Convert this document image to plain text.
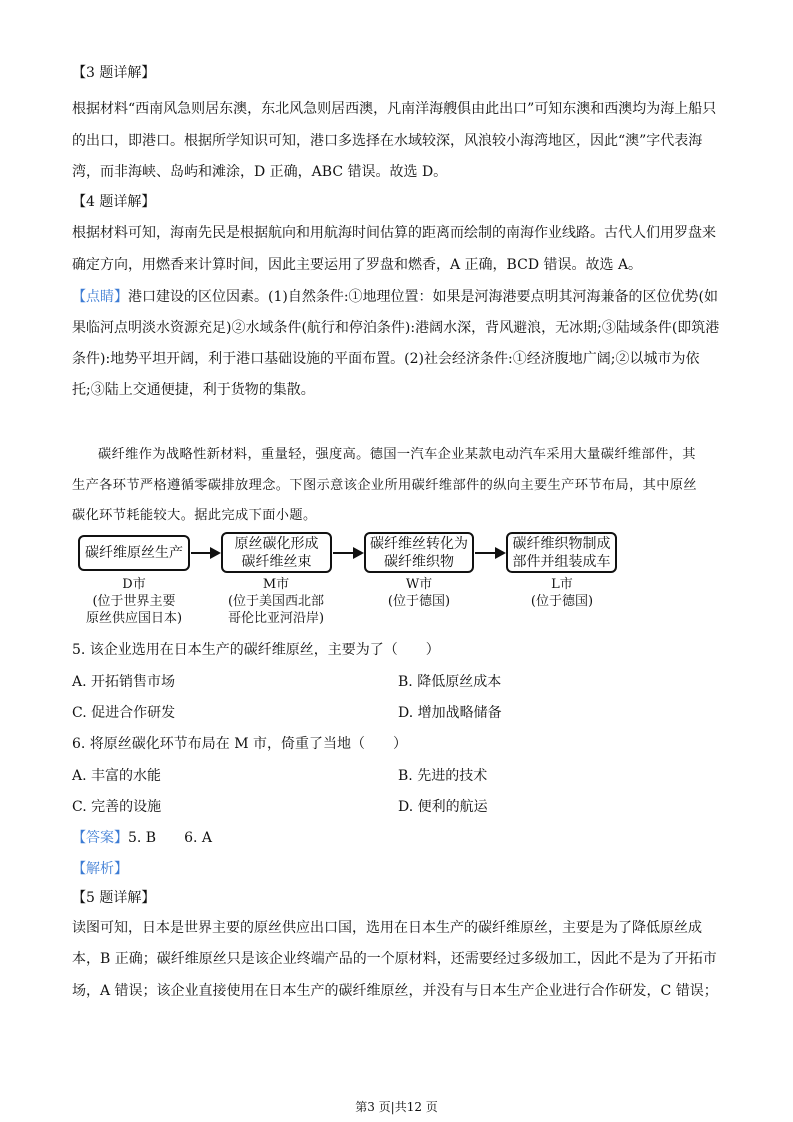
【3 题详解】
根据材料“西南风急则居东澳，东北风急则居西澳，凡南洋海艘俱由此出口”可知东澳和西澳均为海上船只
的出口，即港口。根据所学知识可知，港口多选择在水域较深，风浪较小海湾地区，因此“澳”字代表海
湾，而非海峡、岛屿和滩涂，D 正确，ABC 错误。故选 D。
【4 题详解】
根据材料可知，海南先民是根据航向和用航海时间估算的距离而绘制的南海作业线路。古代人们用罗盘来
确定方向，用燃香来计算时间，因此主要运用了罗盘和燃香，A 正确，BCD 错误。故选 A。
【点睛】港口建设的区位因素。(1)自然条件:①地理位置：如果是河海港要点明其河海兼备的区位优势(如
果临河点明淡水资源充足)②水域条件(航行和停泊条件):港阔水深，背风避浪，无冰期;③陆域条件(即筑港
条件):地势平坦开阔，利于港口基础设施的平面布置。(2)社会经济条件:①经济腹地广阔;②以城市为依
托;③陆上交通便捷，利于货物的集散。
碳纤维作为战略性新材料，重量轻，强度高。德国一汽车企业某款电动汽车采用大量碳纤维部件，其
生产各环节严格遵循零碳排放理念。下图示意该企业所用碳纤维部件的纵向主要生产环节布局，其中原丝
碳化环节耗能较大。据此完成下面小题。
碳纤维原丝生产
原丝碳化形成
碳纤维丝束
碳纤维丝转化为
碳纤维织物
碳纤维织物制成
部件并组装成车
D市
(位于世界主要
原丝供应国日本)
M市
(位于美国西北部
哥伦比亚河沿岸)
W市
(位于德国)
L市
(位于德国)
5. 该企业选用在日本生产的碳纤维原丝，主要为了（　　）
A. 开拓销售市场	B. 降低原丝成本
C. 促进合作研发	D. 增加战略储备
6. 将原丝碳化环节布局在 M 市，倚重了当地（　　）
A. 丰富的水能	B. 先进的技术
C. 完善的设施	D. 便利的航运
【答案】5. B　　6. A
【解析】
【5 题详解】
读图可知，日本是世界主要的原丝供应出口国，选用在日本生产的碳纤维原丝，主要是为了降低原丝成
本，B 正确；碳纤维原丝只是该企业终端产品的一个原材料，还需要经过多级加工，因此不是为了开拓市
场，A 错误；该企业直接使用在日本生产的碳纤维原丝，并没有与日本生产企业进行合作研发，C 错误；
第3 页|共12 页
